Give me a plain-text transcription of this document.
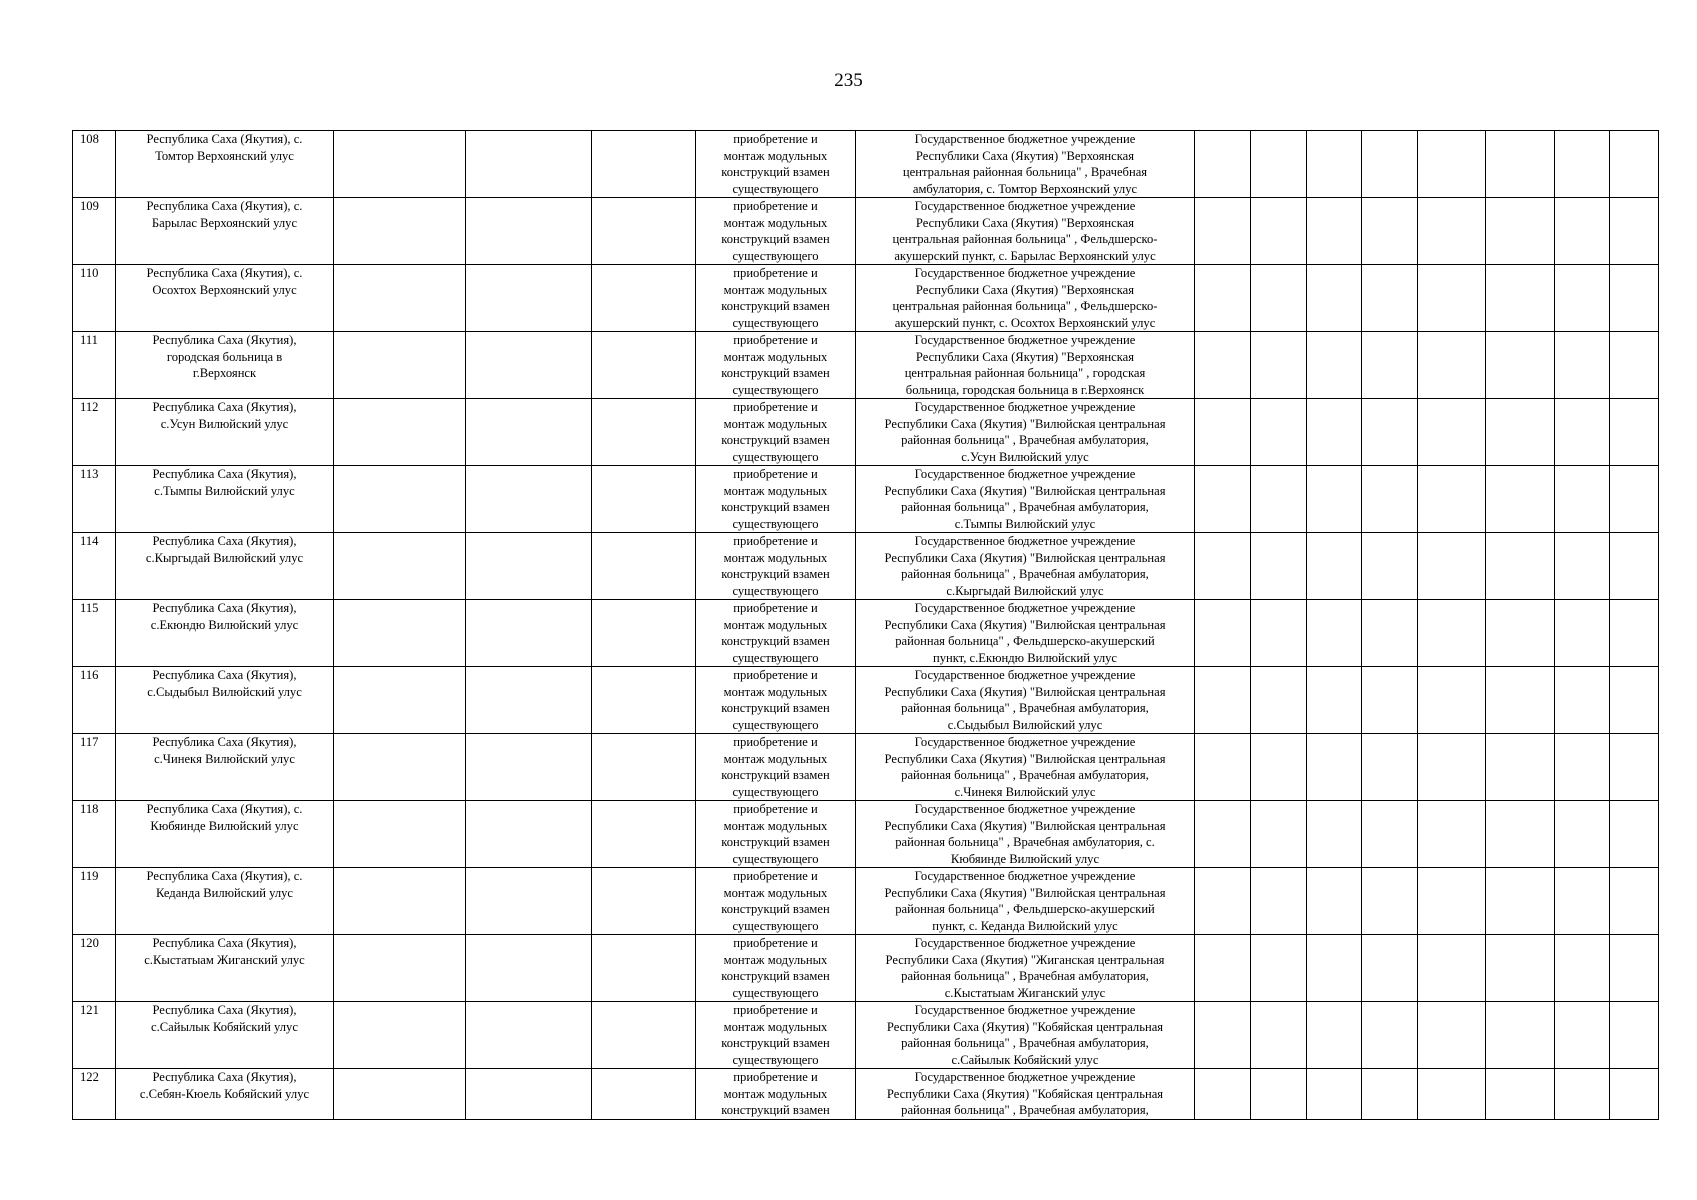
235
108	Республика Саха (Якутия), с.
Томтор Верхоянский улус				приобретение и
монтаж модульных
конструкций взамен
существующего	Государственное бюджетное учреждение
Республики Саха (Якутия) "Верхоянская
центральная районная больница" , Врачебная
амбулатория, с. Томтор Верхоянский улус								

109	Республика Саха (Якутия), с.
Барылас Верхоянский улус				приобретение и
монтаж модульных
конструкций взамен
существующего	Государственное бюджетное учреждение
Республики Саха (Якутия) "Верхоянская
центральная районная больница" , Фельдшерско-
акушерский пункт, с. Барылас Верхоянский улус								

110	Республика Саха (Якутия), с.
Осохтох Верхоянский улус				приобретение и
монтаж модульных
конструкций взамен
существующего	Государственное бюджетное учреждение
Республики Саха (Якутия) "Верхоянская
центральная районная больница" , Фельдшерско-
акушерский пункт, с. Осохтох Верхоянский улус								

111	Республика Саха (Якутия),
городская больница в
г.Верхоянск				приобретение и
монтаж модульных
конструкций взамен
существующего	Государственное бюджетное учреждение
Республики Саха (Якутия) "Верхоянская
центральная районная больница" , городская
больница, городская больница в г.Верхоянск								

112	Республика Саха (Якутия),
с.Усун Вилюйский улус				приобретение и
монтаж модульных
конструкций взамен
существующего	Государственное бюджетное учреждение
Республики Саха (Якутия) "Вилюйская центральная
районная больница" , Врачебная амбулатория,
с.Усун Вилюйский улус								

113	Республика Саха (Якутия),
с.Тымпы Вилюйский улус				приобретение и
монтаж модульных
конструкций взамен
существующего	Государственное бюджетное учреждение
Республики Саха (Якутия) "Вилюйская центральная
районная больница" , Врачебная амбулатория,
с.Тымпы Вилюйский улус								

114	Республика Саха (Якутия),
с.Кыргыдай Вилюйский улус				приобретение и
монтаж модульных
конструкций взамен
существующего	Государственное бюджетное учреждение
Республики Саха (Якутия) "Вилюйская центральная
районная больница" , Врачебная амбулатория,
с.Кыргыдай Вилюйский улус								

115	Республика Саха (Якутия),
с.Екюндю Вилюйский улус				приобретение и
монтаж модульных
конструкций взамен
существующего	Государственное бюджетное учреждение
Республики Саха (Якутия) "Вилюйская центральная
районная больница" , Фельдшерско-акушерский
пункт, с.Екюндю Вилюйский улус								

116	Республика Саха (Якутия),
с.Сыдыбыл Вилюйский улус				приобретение и
монтаж модульных
конструкций взамен
существующего	Государственное бюджетное учреждение
Республики Саха (Якутия) "Вилюйская центральная
районная больница" , Врачебная амбулатория,
с.Сыдыбыл Вилюйский улус								

117	Республика Саха (Якутия),
с.Чинекя Вилюйский улус				приобретение и
монтаж модульных
конструкций взамен
существующего	Государственное бюджетное учреждение
Республики Саха (Якутия) "Вилюйская центральная
районная больница" , Врачебная амбулатория,
с.Чинекя Вилюйский улус								

118	Республика Саха (Якутия), с.
Кюбяинде Вилюйский улус				приобретение и
монтаж модульных
конструкций взамен
существующего	Государственное бюджетное учреждение
Республики Саха (Якутия) "Вилюйская центральная
районная больница" , Врачебная амбулатория, с.
Кюбяинде Вилюйский улус								

119	Республика Саха (Якутия), с.
Кеданда Вилюйский улус				приобретение и
монтаж модульных
конструкций взамен
существующего	Государственное бюджетное учреждение
Республики Саха (Якутия) "Вилюйская центральная
районная больница" , Фельдшерско-акушерский
пункт, с. Кеданда Вилюйский улус								

120	Республика Саха (Якутия),
с.Кыстатыам Жиганский улус				приобретение и
монтаж модульных
конструкций взамен
существующего	Государственное бюджетное учреждение
Республики Саха (Якутия) "Жиганская центральная
районная больница" , Врачебная амбулатория,
с.Кыстатыам Жиганский улус								

121	Республика Саха (Якутия),
с.Сайылык Кобяйский улус				приобретение и
монтаж модульных
конструкций взамен
существующего	Государственное бюджетное учреждение
Республики Саха (Якутия) "Кобяйская центральная
районная больница" , Врачебная амбулатория,
с.Сайылык Кобяйский улус								

122	Республика Саха (Якутия),
с.Себян-Кюель Кобяйский улус				приобретение и
монтаж модульных
конструкций взамен	Государственное бюджетное учреждение
Республики Саха (Якутия) "Кобяйская центральная
районная больница" , Врачебная амбулатория,								
